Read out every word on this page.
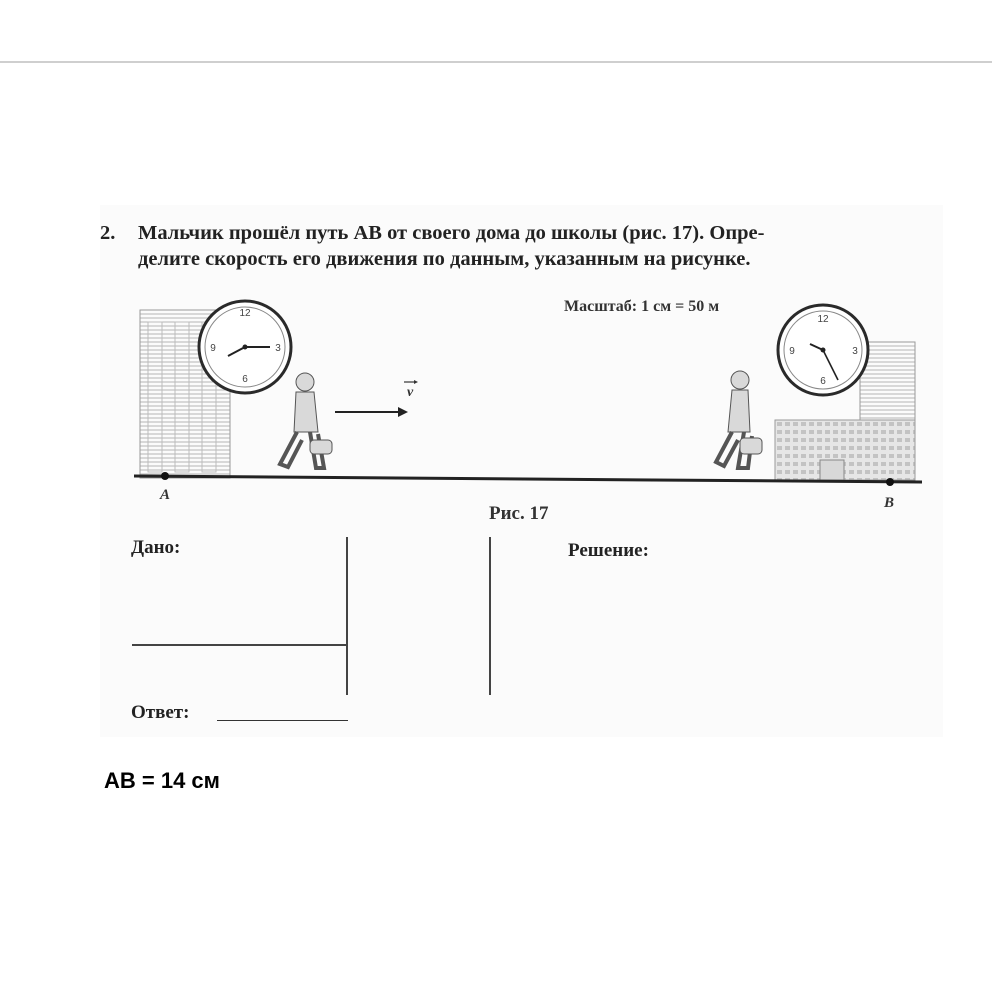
2. Мальчик прошёл путь AB от своего дома до школы (рис. 17). Опре-
делите скорость его движения по данным, указанным на рисунке.
12
3
6
9
12
3
6
9
v
Масштаб: 1 см = 50 м
A	B
Рис. 17
Дано:	Решение:
Ответ:
AB = 14 см
